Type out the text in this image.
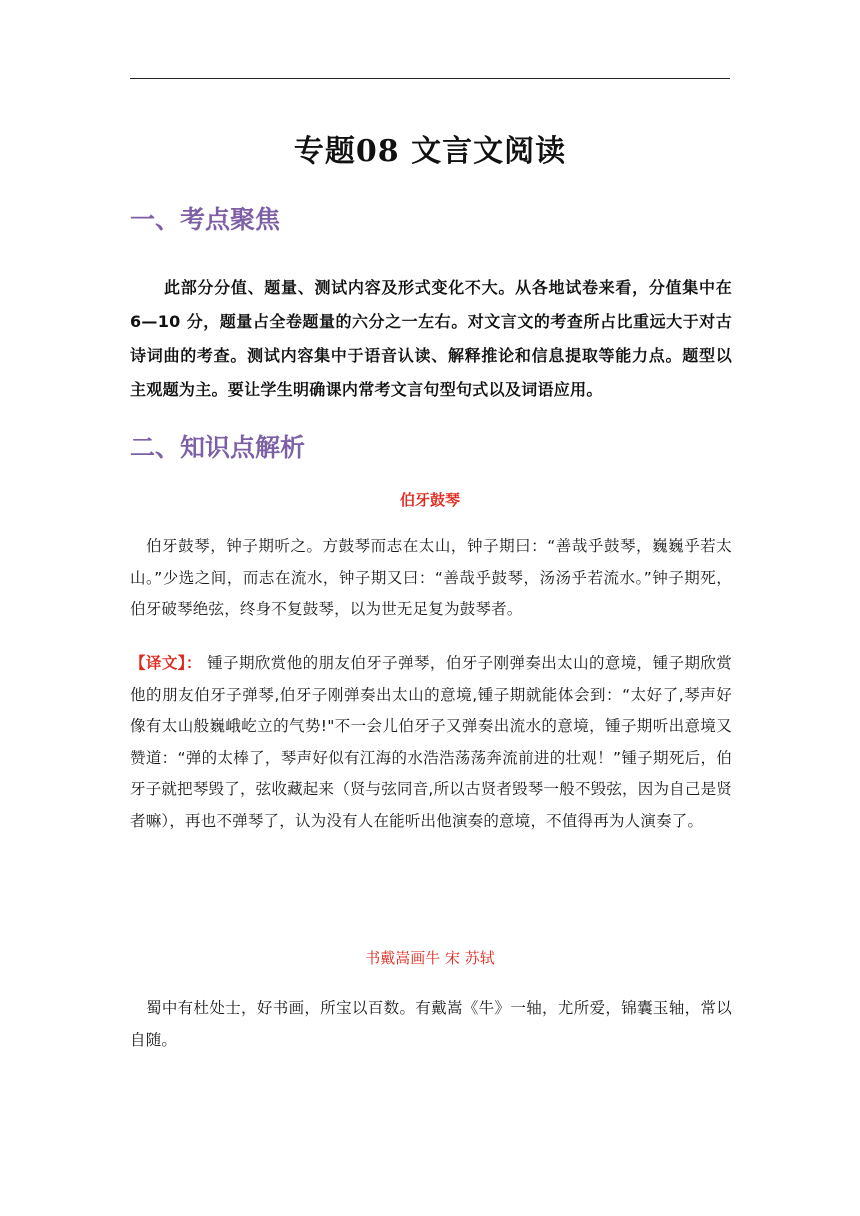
专题08 文言文阅读
一、考点聚焦

此部分分值、题量、测试内容及形式变化不大。从各地试卷来看，分值集中在 6—10 分，题量占全卷题量的六分之一左右。对文言文的考查所占比重远大于对古诗词曲的考查。测试内容集中于语音认读、解释推论和信息提取等能力点。题型以主观题为主。要让学生明确课内常考文言句型句式以及词语应用。

二、知识点解析

伯牙鼓琴

伯牙鼓琴，钟子期听之。方鼓琴而志在太山，钟子期曰：“善哉乎鼓琴，巍巍乎若太山。”少选之间，而志在流水，钟子期又曰：“善哉乎鼓琴，汤汤乎若流水。”钟子期死，伯牙破琴绝弦，终身不复鼓琴，以为世无足复为鼓琴者。

【译文】： 锺子期欣赏他的朋友伯牙子弹琴，伯牙子刚弹奏出太山的意境，锺子期欣赏他的朋友伯牙子弹琴,伯牙子刚弹奏出太山的意境,锺子期就能体会到：“太好了,琴声好像有太山般巍峨屹立的气势!"不一会儿伯牙子又弹奏出流水的意境，锺子期听出意境又赞道：“弹的太棒了，琴声好似有江海的水浩浩荡荡奔流前进的壮观！”锺子期死后，伯牙子就把琴毁了，弦收藏起来（贤与弦同音,所以古贤者毁琴一般不毁弦，因为自己是贤者嘛），再也不弹琴了，认为没有人在能听出他演奏的意境，不值得再为人演奏了。

书戴嵩画牛 宋 苏轼

蜀中有杜处士，好书画，所宝以百数。有戴嵩《牛》一轴，尤所爱，锦囊玉轴，常以自随。
